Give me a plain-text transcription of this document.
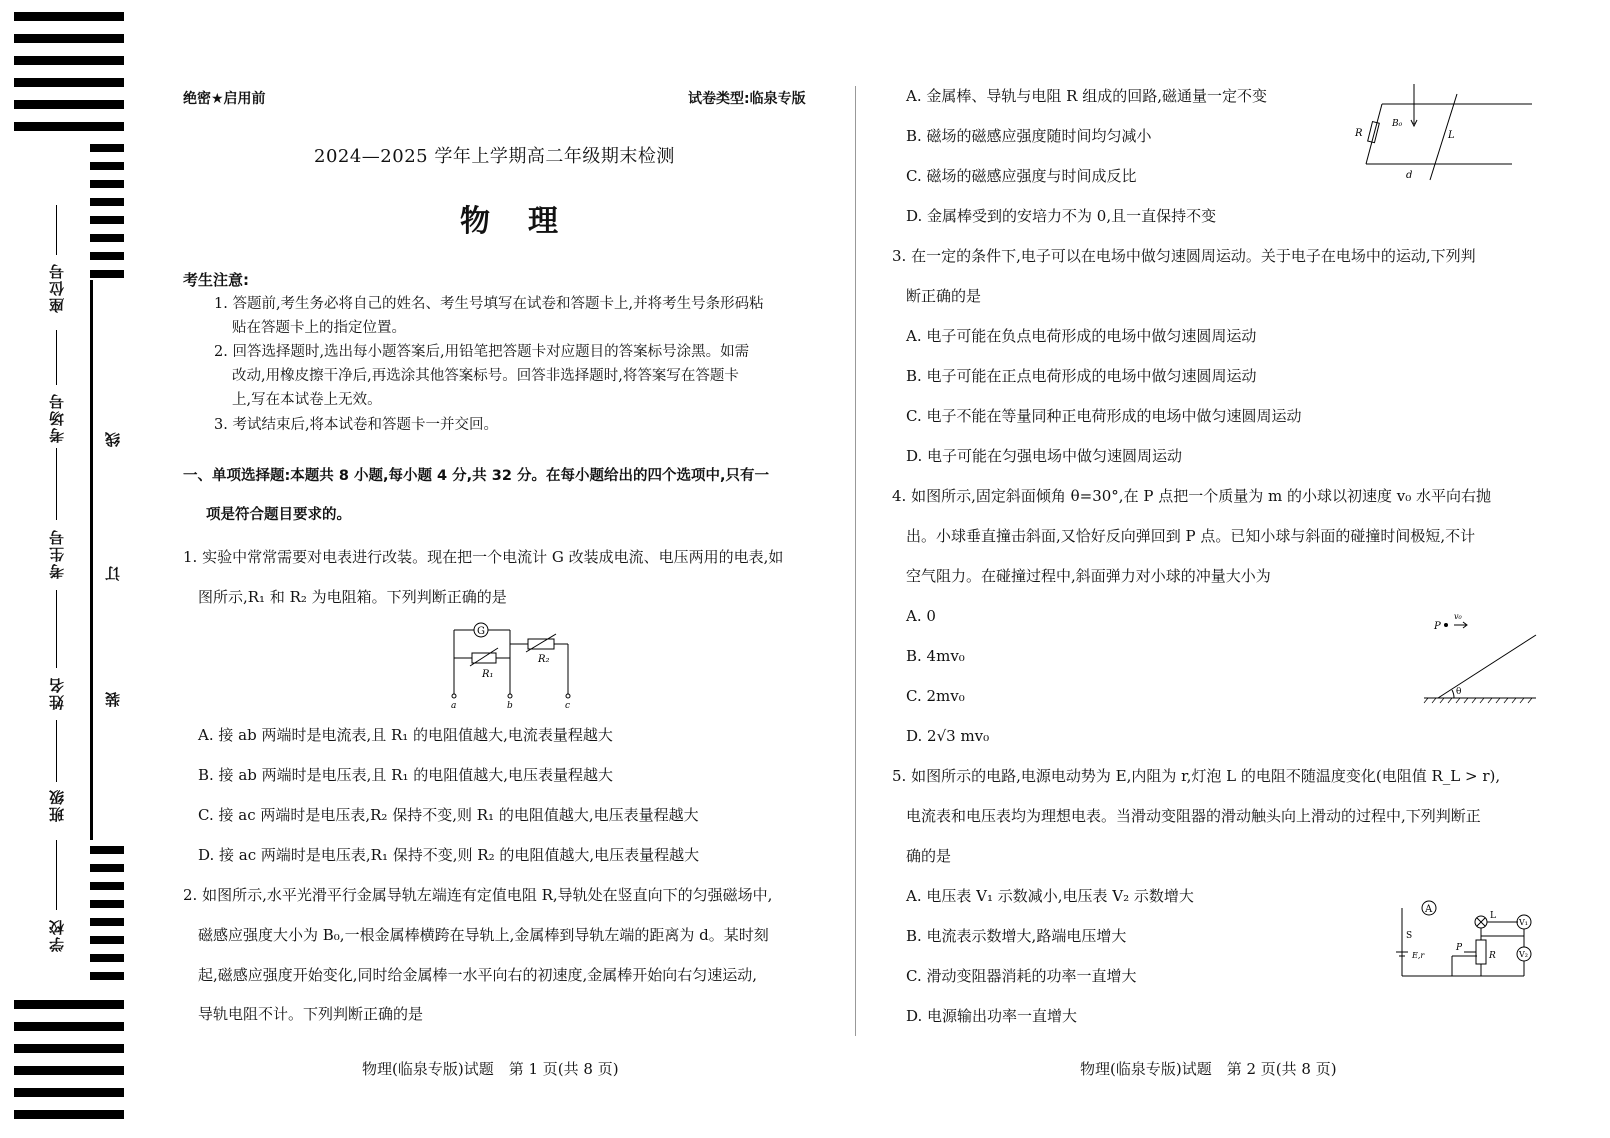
座位号
考场号
考生号
姓名
班级
学校
线
订
装
绝密★启用前	试卷类型:临泉专版
2024—2025 学年上学期高二年级期末检测
物理
考生注意:
1. 答题前,考生务必将自己的姓名、考生号填写在试卷和答题卡上,并将考生号条形码粘
贴在答题卡上的指定位置。
2. 回答选择题时,选出每小题答案后,用铅笔把答题卡对应题目的答案标号涂黑。如需
改动,用橡皮擦干净后,再选涂其他答案标号。回答非选择题时,将答案写在答题卡
上,写在本试卷上无效。
3. 考试结束后,将本试卷和答题卡一并交回。
一、单项选择题:本题共 8 小题,每小题 4 分,共 32 分。在每小题给出的四个选项中,只有一
项是符合题目要求的。
1. 实验中常常需要对电表进行改装。现在把一个电流计 G 改装成电流、电压两用的电表,如
图所示,R₁ 和 R₂ 为电阻箱。下列判断正确的是
G
R₁
R₂
a	b	c
A. 接 ab 两端时是电流表,且 R₁ 的电阻值越大,电流表量程越大
B. 接 ab 两端时是电压表,且 R₁ 的电阻值越大,电压表量程越大
C. 接 ac 两端时是电压表,R₂ 保持不变,则 R₁ 的电阻值越大,电压表量程越大
D. 接 ac 两端时是电压表,R₁ 保持不变,则 R₂ 的电阻值越大,电压表量程越大
2. 如图所示,水平光滑平行金属导轨左端连有定值电阻 R,导轨处在竖直向下的匀强磁场中,
磁感应强度大小为 B₀,一根金属棒横跨在导轨上,金属棒到导轨左端的距离为 d。某时刻
起,磁感应强度开始变化,同时给金属棒一水平向右的初速度,金属棒开始向右匀速运动,
导轨电阻不计。下列判断正确的是
物理(临泉专版)试题　第 1 页(共 8 页)
A. 金属棒、导轨与电阻 R 组成的回路,磁通量一定不变
B. 磁场的磁感应强度随时间均匀减小
C. 磁场的磁感应强度与时间成反比
D. 金属棒受到的安培力不为 0,且一直保持不变
R
B₀
L
d
3. 在一定的条件下,电子可以在电场中做匀速圆周运动。关于电子在电场中的运动,下列判
断正确的是
A. 电子可能在负点电荷形成的电场中做匀速圆周运动
B. 电子可能在正点电荷形成的电场中做匀速圆周运动
C. 电子不能在等量同种正电荷形成的电场中做匀速圆周运动
D. 电子可能在匀强电场中做匀速圆周运动
4. 如图所示,固定斜面倾角 θ=30°,在 P 点把一个质量为 m 的小球以初速度 v₀ 水平向右抛
出。小球垂直撞击斜面,又恰好反向弹回到 P 点。已知小球与斜面的碰撞时间极短,不计
空气阻力。在碰撞过程中,斜面弹力对小球的冲量大小为
A. 0
B. 4mv₀
C. 2mv₀
D. 2√3 mv₀
P
v₀
θ
5. 如图所示的电路,电源电动势为 E,内阻为 r,灯泡 L 的电阻不随温度变化(电阻值 R_L > r),
电流表和电压表均为理想电表。当滑动变阻器的滑动触头向上滑动的过程中,下列判断正
确的是
A. 电压表 V₁ 示数减小,电压表 V₂ 示数增大
B. 电流表示数增大,路端电压增大
C. 滑动变阻器消耗的功率一直增大
D. 电源输出功率一直增大
A
L
V₁
S
E,r
P
R	V₂
物理(临泉专版)试题　第 2 页(共 8 页)
